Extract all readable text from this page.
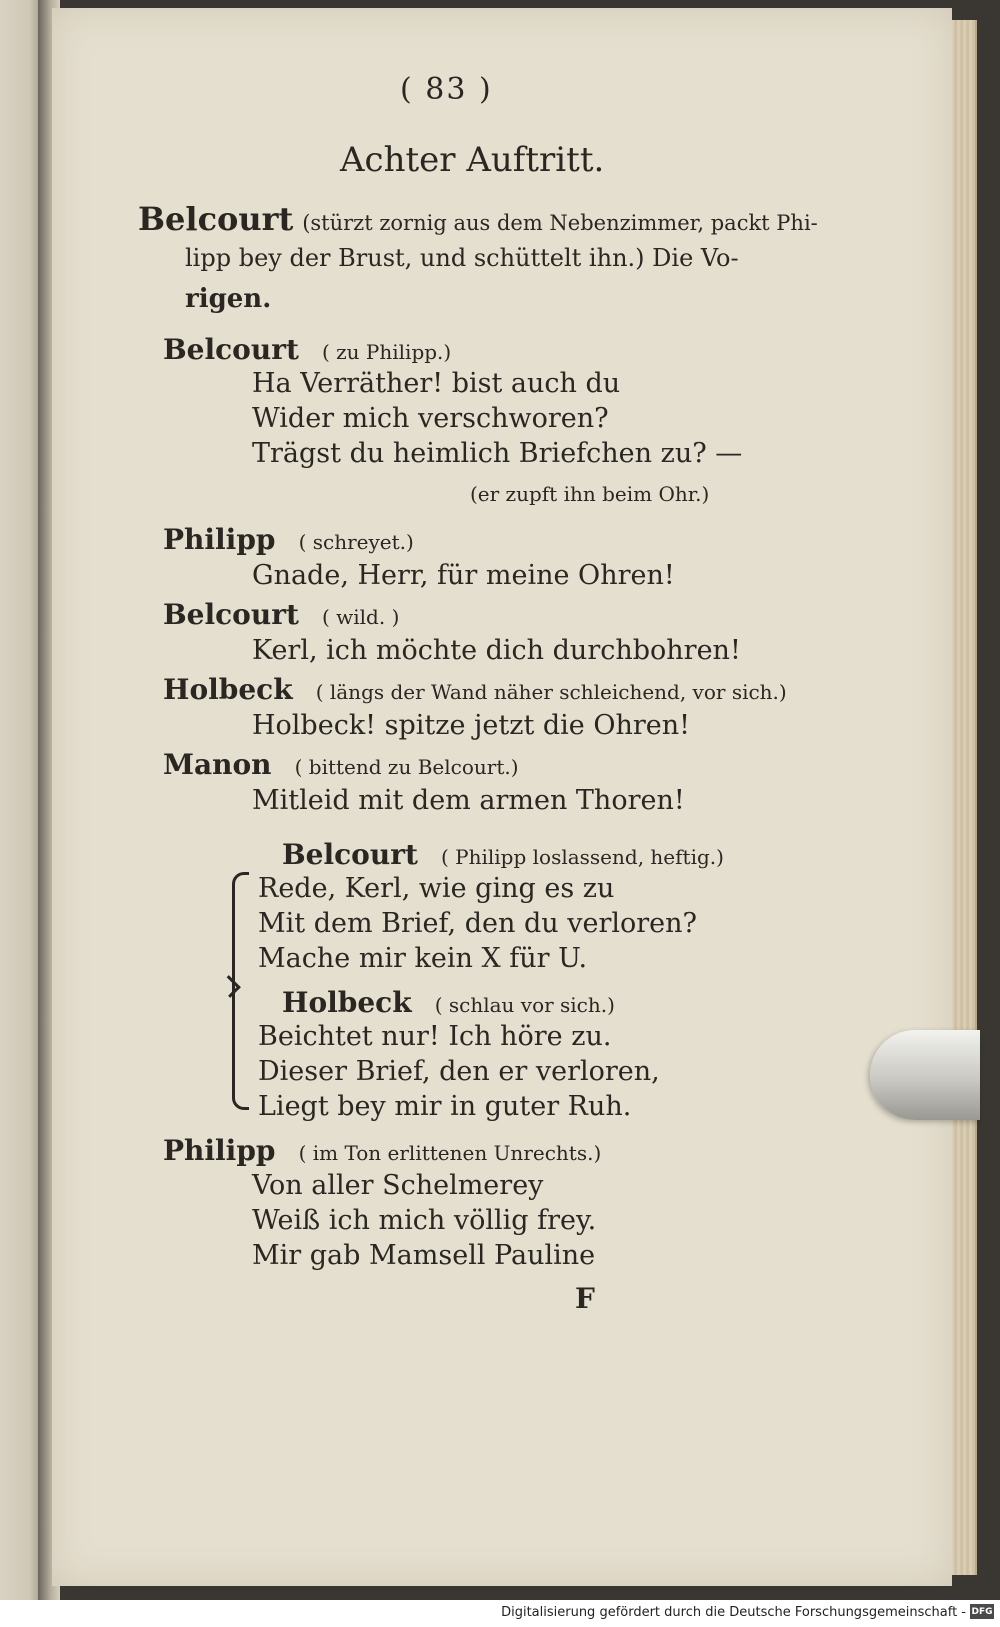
( 83 )
Achter Auftritt.
Belcourt (stürzt zornig aus dem Nebenzimmer, packt Phi-
lipp bey der Brust, und schüttelt ihn.) Die Vo-
rigen.
Belcourt ( zu Philipp.)
Ha Verräther! bist auch du
Wider mich verschworen?
Trägst du heimlich Briefchen zu? —
(er zupft ihn beim Ohr.)
Philipp ( schreyet.)
Gnade, Herr, für meine Ohren!
Belcourt ( wild. )
Kerl, ich möchte dich durchbohren!
Holbeck ( längs der Wand näher schleichend, vor sich.)
Holbeck! spitze jetzt die Ohren!
Manon ( bittend zu Belcourt.)
Mitleid mit dem armen Thoren!
Belcourt ( Philipp loslassend, heftig.)
Rede, Kerl, wie ging es zu
Mit dem Brief, den du verloren?
Mache mir kein X für U.
Holbeck ( schlau vor sich.)
Beichtet nur! Ich höre zu.
Dieser Brief, den er verloren,
Liegt bey mir in guter Ruh.
Philipp ( im Ton erlittenen Unrechts.)
Von aller Schelmerey
Weiß ich mich völlig frey.
Mir gab Mamsell Pauline
F
Digitalisierung gefördert durch die Deutsche Forschungsgemeinschaft - DFG
